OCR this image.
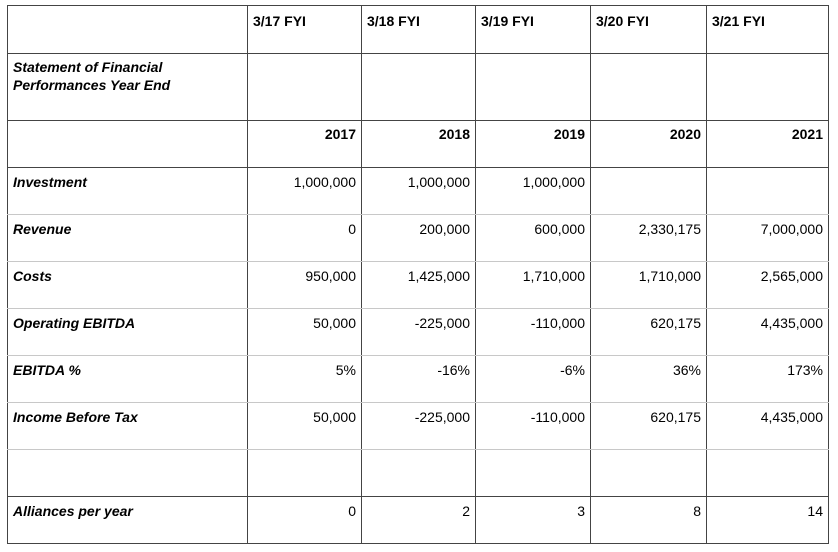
	3/17 FYI	3/18 FYI	3/19 FYI	3/20 FYI	3/21 FYI
Statement of Financial Performances Year End					
	2017	2018	2019	2020	2021
Investment	1,000,000	1,000,000	1,000,000		
Revenue	0	200,000	600,000	2,330,175	7,000,000
Costs	950,000	1,425,000	1,710,000	1,710,000	2,565,000
Operating EBITDA	50,000	-225,000	-110,000	620,175	4,435,000
EBITDA %	5%	-16%	-6%	36%	173%
Income Before Tax	50,000	-225,000	-110,000	620,175	4,435,000

Alliances per year	0	2	3	8	14
